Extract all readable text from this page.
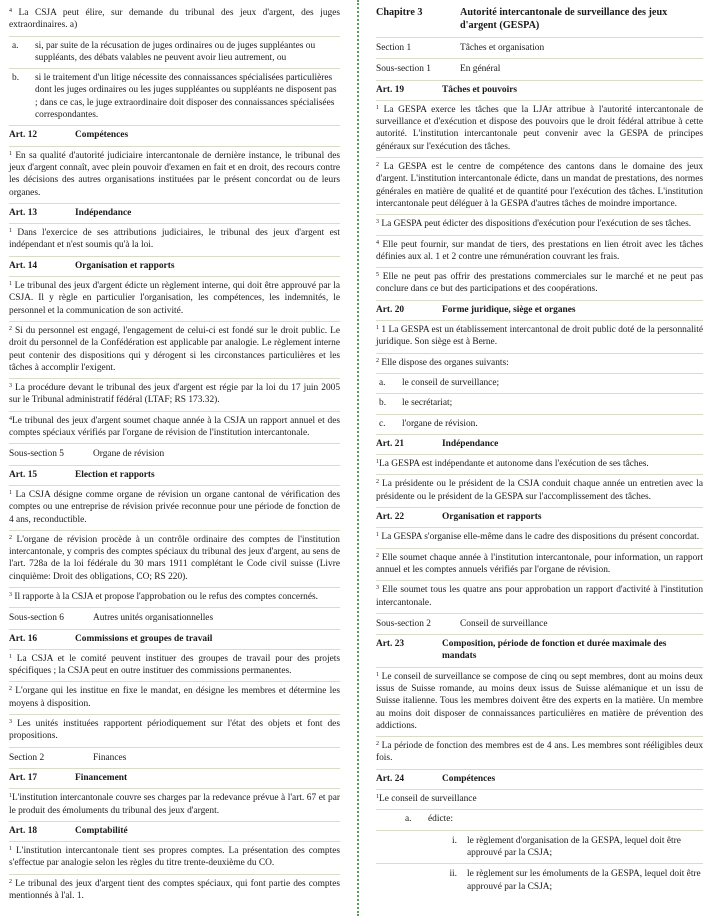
$^4$ La CSJA peut élire, sur demande du tribunal des jeux d'argent, des juges extraordinaires. a)

a.	si, par suite de la récusation de juges ordinaires ou de juges suppléantes ou suppléants, des débats valables ne peuvent avoir lieu autrement, ou
b.	si le traitement d'un litige nécessite des connaissances spécialisées particulières dont les juges ordinaires ou les juges suppléantes ou suppléants ne disposent pas ; dans ce cas, le juge extraordinaire doit disposer des connaissances spécialisées correspondantes.
Art. 12	Compétences

$^1$ En sa qualité d'autorité judiciaire intercantonale de dernière instance, le tribunal des jeux d'argent connaît, avec plein pouvoir d'examen en fait et en droit, des recours contre les décisions des autres organisations instituées par le présent concordat ou de leurs organes.

Art. 13	Indépendance

$^1$ Dans l'exercice de ses attributions judiciaires, le tribunal des jeux d'argent est indépendant et n'est soumis qu'à la loi.

Art. 14	Organisation et rapports

$^1$ Le tribunal des jeux d'argent édicte un règlement interne, qui doit être approuvé par la CSJA. Il y règle en particulier l'organisation, les compétences, les indemnités, le personnel et la communication de son activité.

$^2$ Si du personnel est engagé, l'engagement de celui-ci est fondé sur le droit public. Le droit du personnel de la Confédération est applicable par analogie. Le règlement interne peut contenir des dispositions qui y dérogent si les circonstances particulières et les tâches à accomplir l'exigent.

$^3$ La procédure devant le tribunal des jeux d'argent est régie par la loi du 17 juin 2005 sur le Tribunal administratif fédéral (LTAF; RS 173.32).

$^4$Le tribunal des jeux d'argent soumet chaque année à la CSJA un rapport annuel et des comptes spéciaux vérifiés par l'organe de révision de l'institution intercantonale.

Sous-section 5	Organe de révision
Art. 15	Election et rapports

$^1$ La CSJA désigne comme organe de révision un organe cantonal de vérification des comptes ou une entreprise de révision privée reconnue pour une période de fonction de 4 ans, reconductible.

$^2$ L'organe de révision procède à un contrôle ordinaire des comptes de l'institution intercantonale, y compris des comptes spéciaux du tribunal des jeux d'argent, au sens de l'art. 728a de la loi fédérale du 30 mars 1911 complétant le Code civil suisse (Livre cinquième: Droit des obligations, CO; RS 220).

$^3$ Il rapporte à la CSJA et propose l'approbation ou le refus des comptes concernés.

Sous-section 6	Autres unités organisationnelles
Art. 16	Commissions et groupes de travail

$^1$ La CSJA et le comité peuvent instituer des groupes de travail pour des projets spécifiques ; la CSJA peut en outre instituer des commissions permanentes.

$^2$ L'organe qui les institue en fixe le mandat, en désigne les membres et détermine les moyens à disposition.

$^3$ Les unités instituées rapportent périodiquement sur l'état des objets et font des propositions.

Section 2	Finances
Art. 17	Financement

$^1$L'institution intercantonale couvre ses charges par la redevance prévue à l'art. 67 et par le produit des émoluments du tribunal des jeux d'argent.

Art. 18	Comptabilité

$^1$ L'institution intercantonale tient ses propres comptes. La présentation des comptes s'effectue par analogie selon les règles du titre trente-deuxième du CO.

$^2$ Le tribunal des jeux d'argent tient des comptes spéciaux, qui font partie des comptes mentionnés à l'al. 1.

Chapitre 3	Autorité intercantonale de surveillance des jeux d'argent (GESPA)
Section 1	Tâches et organisation
Sous-section 1	En général
Art. 19	Tâches et pouvoirs

$^1$ La GESPA exerce les tâches que la LJAr attribue à l'autorité intercantonale de surveillance et d'exécution et dispose des pouvoirs que le droit fédéral attribue à cette autorité. L'institution intercantonale peut convenir avec la GESPA de principes généraux sur l'exécution des tâches.

$^2$ La GESPA est le centre de compétence des cantons dans le domaine des jeux d'argent. L'institution intercantonale édicte, dans un mandat de prestations, des normes générales en matière de qualité et de quantité pour l'exécution des tâches. L'institution intercantonale peut déléguer à la GESPA d'autres tâches de moindre importance.

$^3$ La GESPA peut édicter des dispositions d'exécution pour l'exécution de ses tâches.

$^4$ Elle peut fournir, sur mandat de tiers, des prestations en lien étroit avec les tâches définies aux al. 1 et 2 contre une rémunération couvrant les frais.

$^5$ Elle ne peut pas offrir des prestations commerciales sur le marché et ne peut pas conclure dans ce but des participations et des coopérations.

Art. 20	Forme juridique, siège et organes

$^1$ 1 La GESPA est un établissement intercantonal de droit public doté de la personnalité juridique. Son siège est à Berne.

$^2$ Elle dispose des organes suivants:

a.	le conseil de surveillance;
b.	le secrétariat;
c.	l'organe de révision.
Art. 21	Indépendance

$^1$La GESPA est indépendante et autonome dans l'exécution de ses tâches.

$^2$ La présidente ou le président de la CSJA conduit chaque année un entretien avec la présidente ou le président de la GESPA sur l'accomplissement des tâches.

Art. 22	Organisation et rapports

$^1$ La GESPA s'organise elle-même dans le cadre des dispositions du présent concordat.

$^2$ Elle soumet chaque année à l'institution intercantonale, pour information, un rapport annuel et les comptes annuels vérifiés par l'organe de révision.

$^3$ Elle soumet tous les quatre ans pour approbation un rapport d'activité à l'institution intercantonale.

Sous-section 2	Conseil de surveillance
Art. 23	Composition, période de fonction et durée maximale des mandats

$^1$ Le conseil de surveillance se compose de cinq ou sept membres, dont au moins deux issus de Suisse romande, au moins deux issus de Suisse alémanique et un issu de Suisse italienne. Tous les membres doivent être des experts en la matière. Un membre au moins doit disposer de connaissances particulières en matière de prévention des addictions.

$^2$ La période de fonction des membres est de 4 ans. Les membres sont rééligibles deux fois.

Art. 24	Compétences

$^1$Le conseil de surveillance

a.	édicte:
i.	le règlement d'organisation de la GESPA, lequel doit être approuvé par la CSJA;
ii.	le règlement sur les émoluments de la GESPA, lequel doit être approuvé par la CSJA;
